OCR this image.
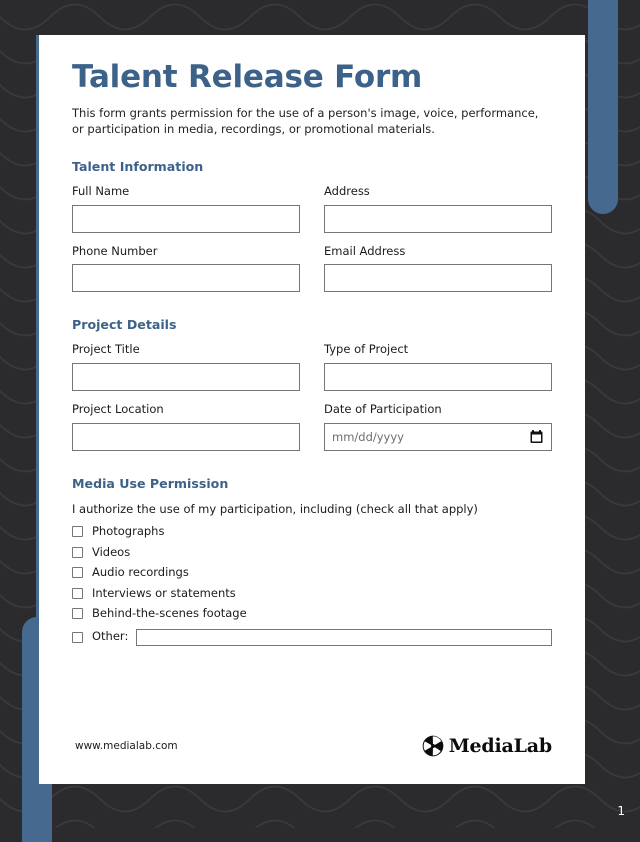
Talent Release Form

This form grants permission for the use of a person's image, voice, performance, or participation in media, recordings, or promotional materials.

Talent Information
Full Name	Address
Phone Number	Email Address
Project Details
Project Title	Type of Project
Project Location	Date of Participation
mm/dd/yyyy
Media Use Permission

I authorize the use of my participation, including (check all that apply)

Photographs
Videos
Audio recordings
Interviews or statements
Behind-the-scenes footage
Other:
www.medialab.com	MediaLab
1
